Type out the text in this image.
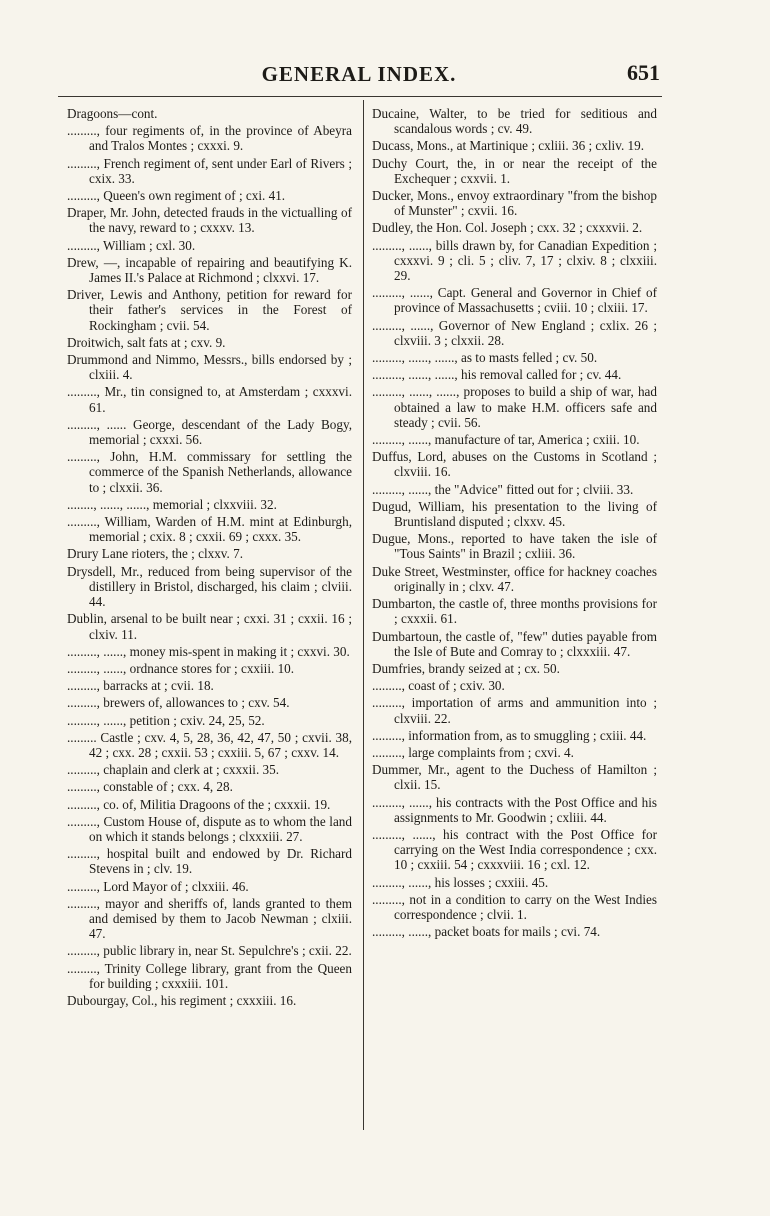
GENERAL INDEX.	651

Dragoons—cont.

........., four regiments of, in the province of Abeyra and Tralos Montes ; cxxxi. 9.

........., French regiment of, sent under Earl of Rivers ; cxix. 33.

........., Queen's own regiment of ; cxi. 41.

Draper, Mr. John, detected frauds in the victualling of the navy, reward to ; cxxxv. 13.

........., William ; cxl. 30.

Drew, —, incapable of repairing and beautifying K. James II.'s Palace at Richmond ; clxxvi. 17.

Driver, Lewis and Anthony, petition for reward for their father's services in the Forest of Rockingham ; cvii. 54.

Droitwich, salt fats at ; cxv. 9.

Drummond and Nimmo, Messrs., bills endorsed by ; clxiii. 4.

........., Mr., tin consigned to, at Amsterdam ; cxxxvi. 61.

........., ...... George, descendant of the Lady Bogy, memorial ; cxxxi. 56.

........., John, H.M. commissary for settling the commerce of the Spanish Netherlands, allowance to ; clxxii. 36.

........, ......, ......, memorial ; clxxviii. 32.

........., William, Warden of H.M. mint at Edinburgh, memorial ; cxix. 8 ; cxxii. 69 ; cxxx. 35.

Drury Lane rioters, the ; clxxv. 7.

Drysdell, Mr., reduced from being supervisor of the distillery in Bristol, discharged, his claim ; clviii. 44.

Dublin, arsenal to be built near ; cxxi. 31 ; cxxii. 16 ; clxiv. 11.

........., ......, money mis-spent in making it ; cxxvi. 30.

........., ......, ordnance stores for ; cxxiii. 10.

........., barracks at ; cvii. 18.

........., brewers of, allowances to ; cxv. 54.

........., ......, petition ; cxiv. 24, 25, 52.

......... Castle ; cxv. 4, 5, 28, 36, 42, 47, 50 ; cxvii. 38, 42 ; cxx. 28 ; cxxii. 53 ; cxxiii. 5, 67 ; cxxv. 14.

........., chaplain and clerk at ; cxxxii. 35.

........., constable of ; cxx. 4, 28.

........., co. of, Militia Dragoons of the ; cxxxii. 19.

........., Custom House of, dispute as to whom the land on which it stands belongs ; clxxxiii. 27.

........., hospital built and endowed by Dr. Richard Stevens in ; clv. 19.

........., Lord Mayor of ; clxxiii. 46.

........., mayor and sheriffs of, lands granted to them and demised by them to Jacob Newman ; clxiii. 47.

........., public library in, near St. Sepulchre's ; cxii. 22.

........., Trinity College library, grant from the Queen for building ; cxxxiii. 101.

Dubourgay, Col., his regiment ; cxxxiii. 16.

Ducaine, Walter, to be tried for seditious and scandalous words ; cv. 49.

Ducass, Mons., at Martinique ; cxliii. 36 ; cxliv. 19.

Duchy Court, the, in or near the receipt of the Exchequer ; cxxvii. 1.

Ducker, Mons., envoy extraordinary "from the bishop of Munster" ; cxvii. 16.

Dudley, the Hon. Col. Joseph ; cxx. 32 ; cxxxvii. 2.

........., ......, bills drawn by, for Canadian Expedition ; cxxxvi. 9 ; cli. 5 ; cliv. 7, 17 ; clxiv. 8 ; clxxiii. 29.

........., ......, Capt. General and Governor in Chief of province of Massachusetts ; cviii. 10 ; clxiii. 17.

........., ......, Governor of New England ; cxlix. 26 ; clxviii. 3 ; clxxii. 28.

........., ......, ......, as to masts felled ; cv. 50.

........., ......, ......, his removal called for ; cv. 44.

........., ......, ......, proposes to build a ship of war, had obtained a law to make H.M. officers safe and steady ; cvii. 56.

........., ......, manufacture of tar, America ; cxiii. 10.

Duffus, Lord, abuses on the Customs in Scotland ; clxviii. 16.

........., ......, the "Advice" fitted out for ; clviii. 33.

Dugud, William, his presentation to the living of Bruntisland disputed ; clxxv. 45.

Dugue, Mons., reported to have taken the isle of "Tous Saints" in Brazil ; cxliii. 36.

Duke Street, Westminster, office for hackney coaches originally in ; clxv. 47.

Dumbarton, the castle of, three months provisions for ; cxxxii. 61.

Dumbartoun, the castle of, "few" duties payable from the Isle of Bute and Comray to ; clxxxiii. 47.

Dumfries, brandy seized at ; cx. 50.

........., coast of ; cxiv. 30.

........., importation of arms and ammunition into ; clxviii. 22.

........., information from, as to smuggling ; cxiii. 44.

........., large complaints from ; cxvi. 4.

Dummer, Mr., agent to the Duchess of Hamilton ; clxii. 15.

........., ......, his contracts with the Post Office and his assignments to Mr. Goodwin ; cxliii. 44.

........., ......, his contract with the Post Office for carrying on the West India correspondence ; cxx. 10 ; cxxiii. 54 ; cxxxviii. 16 ; cxl. 12.

........., ......, his losses ; cxxiii. 45.

........., not in a condition to carry on the West Indies correspondence ; clvii. 1.

........., ......, packet boats for mails ; cvi. 74.
